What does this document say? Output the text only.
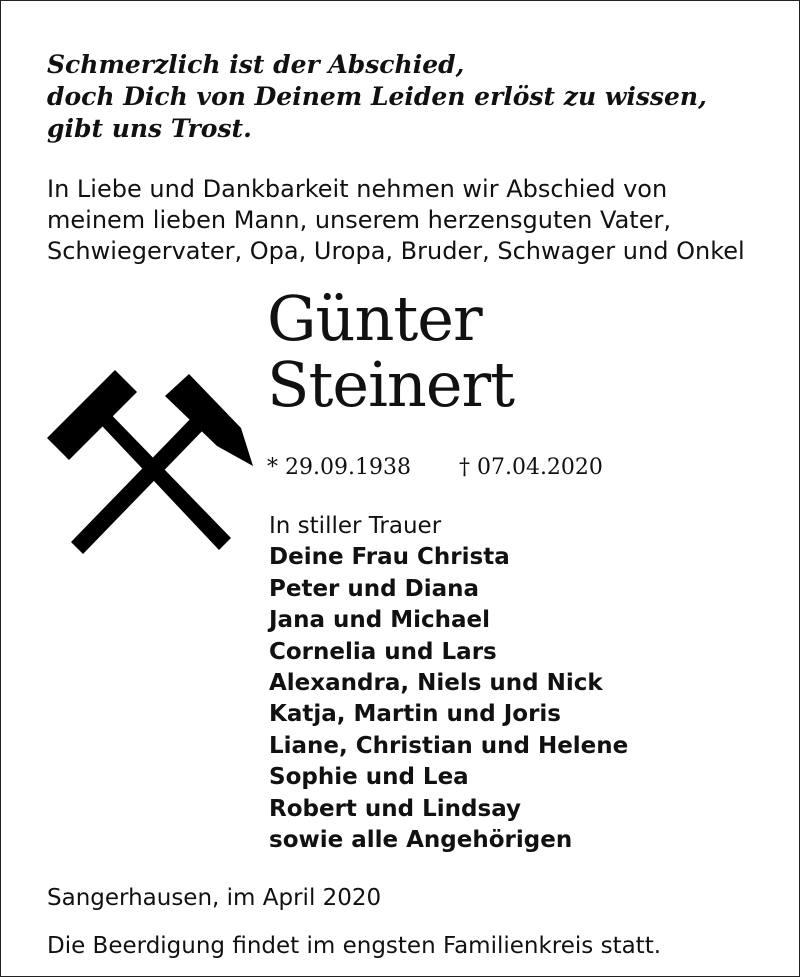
Schmerzlich ist der Abschied,
doch Dich von Deinem Leiden erlöst zu wissen,
gibt uns Trost.
In Liebe und Dankbarkeit nehmen wir Abschied von
meinem lieben Mann, unserem herzensguten Vater,
Schwiegervater, Opa, Uropa, Bruder, Schwager und Onkel
Günter
Steinert
* 29.09.1938 † 07.04.2020
In stiller Trauer
Deine Frau Christa
Peter und Diana
Jana und Michael
Cornelia und Lars
Alexandra, Niels und Nick
Katja, Martin und Joris
Liane, Christian und Helene
Sophie und Lea
Robert und Lindsay
sowie alle Angehörigen
Sangerhausen, im April 2020
Die Beerdigung findet im engsten Familienkreis statt.
